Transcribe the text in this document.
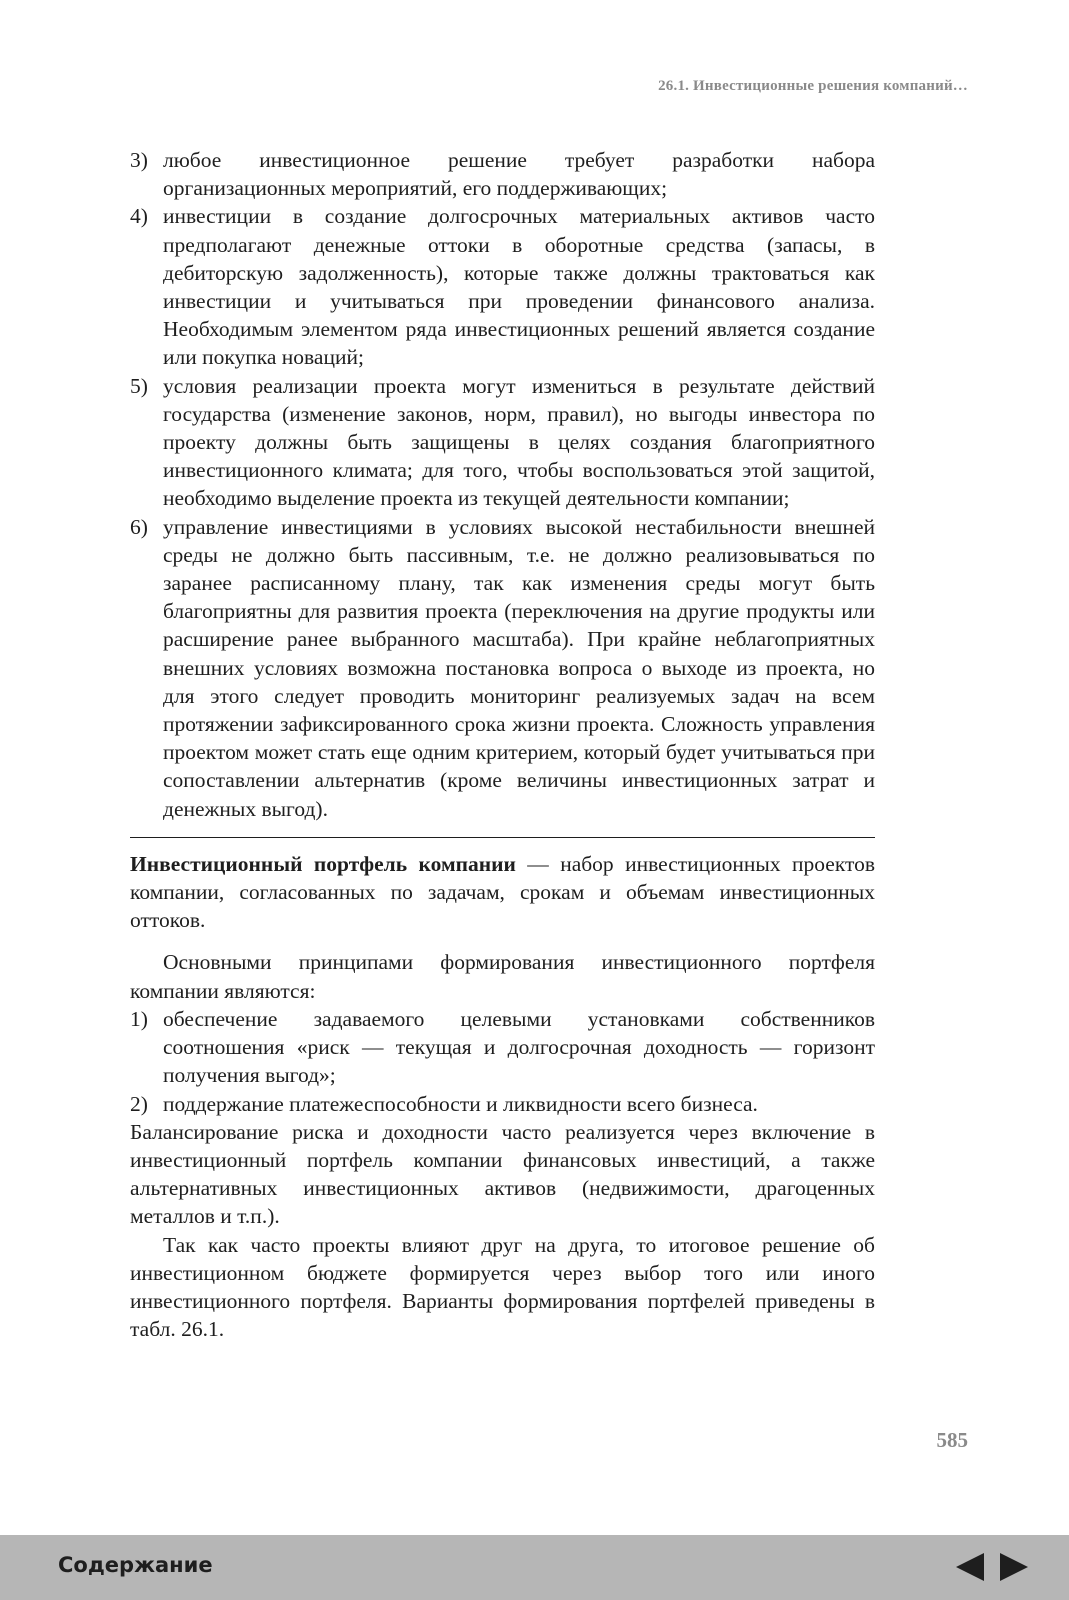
26.1. Инвестиционные решения компаний…
3) любое инвестиционное решение требует разработки набора организационных мероприятий, его поддерживающих;
4) инвестиции в создание долгосрочных материальных активов часто предполагают денежные оттоки в оборотные средства (запасы, в дебиторскую задолженность), которые также должны трактоваться как инвестиции и учитываться при проведении финансового анализа. Необходимым элементом ряда инвестиционных решений является создание или покупка новаций;
5) условия реализации проекта могут измениться в результате действий государства (изменение законов, норм, правил), но выгоды инвестора по проекту должны быть защищены в целях создания благоприятного инвестиционного климата; для того, чтобы воспользоваться этой защитой, необходимо выделение проекта из текущей деятельности компании;
6) управление инвестициями в условиях высокой нестабильности внешней среды не должно быть пассивным, т.е. не должно реализовываться по заранее расписанному плану, так как изменения среды могут быть благоприятны для развития проекта (переключения на другие продукты или расширение ранее выбранного масштаба). При крайне неблагоприятных внешних условиях возможна постановка вопроса о выходе из проекта, но для этого следует проводить мониторинг реализуемых задач на всем протяжении зафиксированного срока жизни проекта. Сложность управления проектом может стать еще одним критерием, который будет учитываться при сопоставлении альтернатив (кроме величины инвестиционных затрат и денежных выгод).

Инвестиционный портфель компании — набор инвестиционных проектов компании, согласованных по задачам, срокам и объемам инвестиционных оттоков.

Основными принципами формирования инвестиционного портфеля компании являются:

1) обеспечение задаваемого целевыми установками собственников соотношения «риск — текущая и долгосрочная доходность — горизонт получения выгод»;
2) поддержание платежеспособности и ликвидности всего бизнеса.

Балансирование риска и доходности часто реализуется через включение в инвестиционный портфель компании финансовых инвестиций, а также альтернативных инвестиционных активов (недвижимости, драгоценных металлов и т.п.).

Так как часто проекты влияют друг на друга, то итоговое решение об инвестиционном бюджете формируется через выбор того или иного инвестиционного портфеля. Варианты формирования портфелей приведены в табл. 26.1.

585
Содержание
